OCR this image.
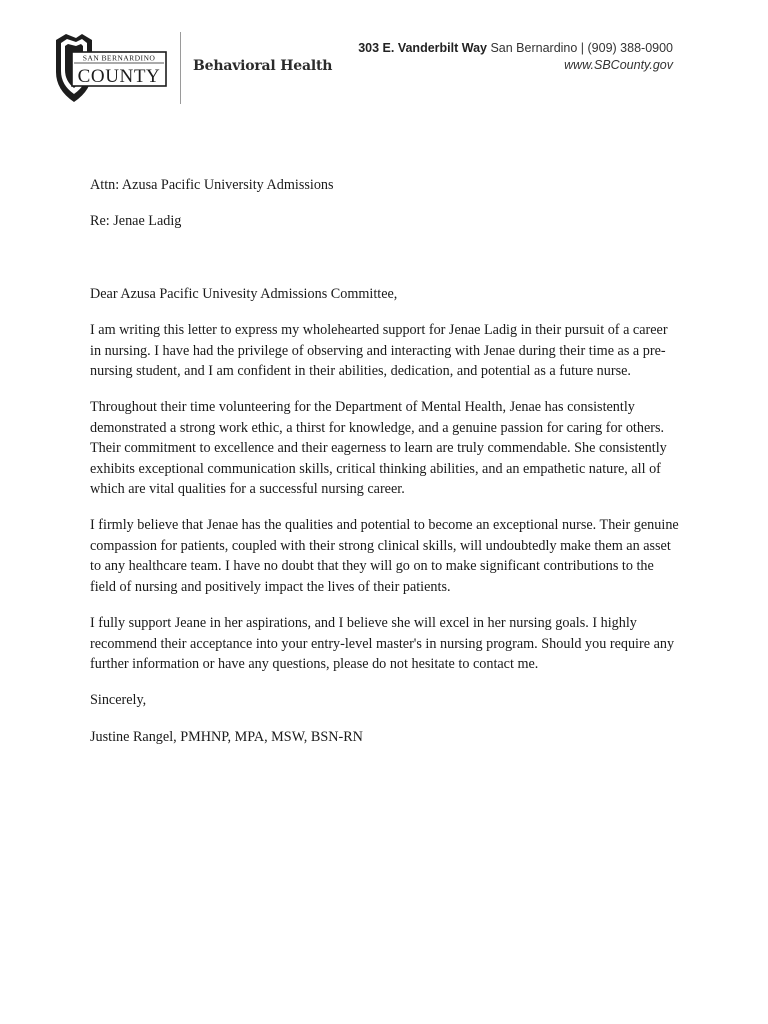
SAN BERNARDINO
COUNTY Behavioral Health
303 E. Vanderbilt Way San Bernardino | (909) 388-0900
www.SBCounty.gov

Attn: Azusa Pacific University Admissions

Re: Jenae Ladig

Dear Azusa Pacific Univesity Admissions Committee,

I am writing this letter to express my wholehearted support for Jenae Ladig in their pursuit of a career in nursing. I have had the privilege of observing and interacting with Jenae during their time as a pre-nursing student, and I am confident in their abilities, dedication, and potential as a future nurse.

Throughout their time volunteering for the Department of Mental Health, Jenae has consistently demonstrated a strong work ethic, a thirst for knowledge, and a genuine passion for caring for others. Their commitment to excellence and their eagerness to learn are truly commendable. She consistently exhibits exceptional communication skills, critical thinking abilities, and an empathetic nature, all of which are vital qualities for a successful nursing career.

I firmly believe that Jenae has the qualities and potential to become an exceptional nurse. Their genuine compassion for patients, coupled with their strong clinical skills, will undoubtedly make them an asset to any healthcare team. I have no doubt that they will go on to make significant contributions to the field of nursing and positively impact the lives of their patients.

I fully support Jeane in her aspirations, and I believe she will excel in her nursing goals. I highly recommend their acceptance into your entry-level master's in nursing program. Should you require any further information or have any questions, please do not hesitate to contact me.

Sincerely,

Justine Rangel, PMHNP, MPA, MSW, BSN-RN
